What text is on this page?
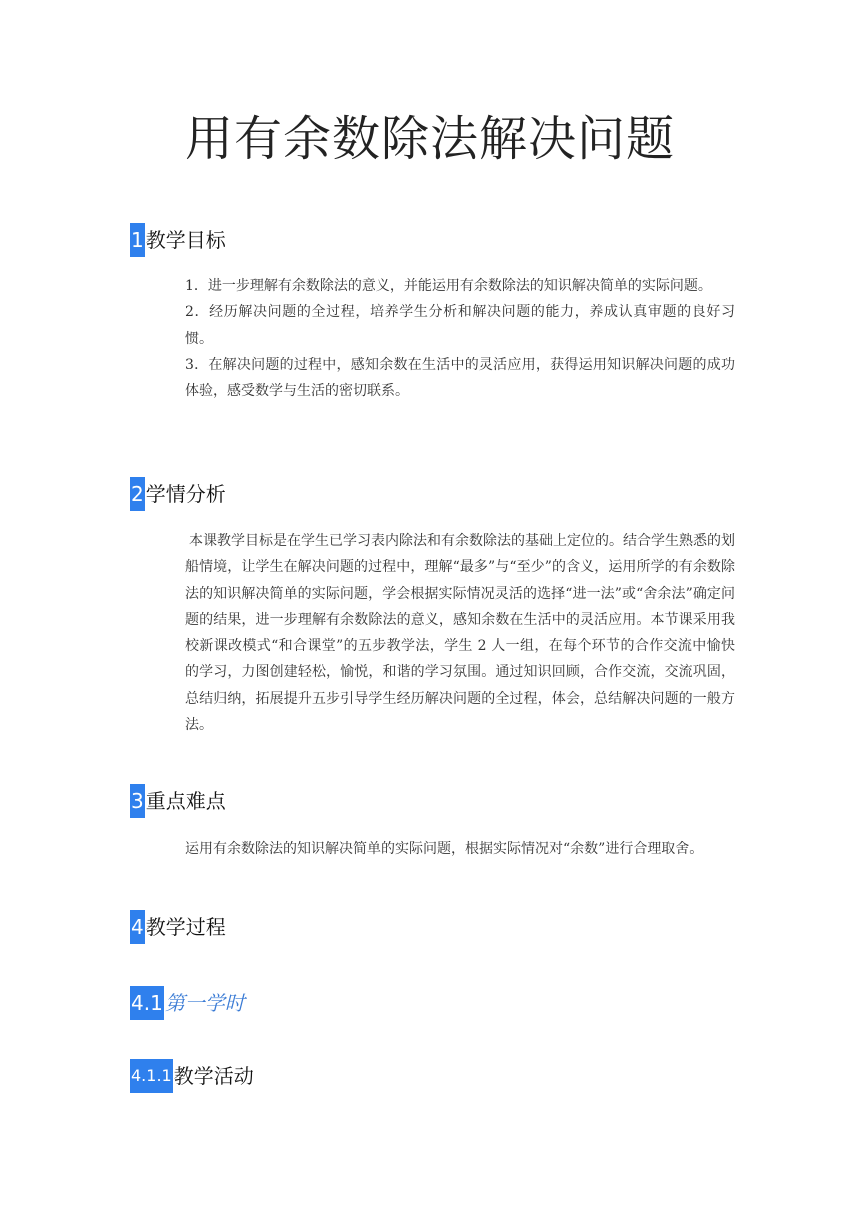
用有余数除法解决问题
1 教学目标

1．进一步理解有余数除法的意义，并能运用有余数除法的知识解决简单的实际问题。

2．经历解决问题的全过程，培养学生分析和解决问题的能力，养成认真审题的良好习惯。

3．在解决问题的过程中，感知余数在生活中的灵活应用，获得运用知识解决问题的成功体验，感受数学与生活的密切联系。

2 学情分析

本课教学目标是在学生已学习表内除法和有余数除法的基础上定位的。结合学生熟悉的划船情境，让学生在解决问题的过程中，理解“最多”与“至少”的含义，运用所学的有余数除法的知识解决简单的实际问题，学会根据实际情况灵活的选择“进一法”或“舍余法”确定问题的结果，进一步理解有余数除法的意义，感知余数在生活中的灵活应用。本节课采用我校新课改模式“和合课堂”的五步教学法，学生 2 人一组，在每个环节的合作交流中愉快的学习，力图创建轻松，愉悦，和谐的学习氛围。通过知识回顾，合作交流，交流巩固，总结归纳，拓展提升五步引导学生经历解决问题的全过程，体会，总结解决问题的一般方法。

3 重点难点

运用有余数除法的知识解决简单的实际问题，根据实际情况对“余数”进行合理取舍。

4 教学过程
4.1 第一学时
4.1.1 教学活动
